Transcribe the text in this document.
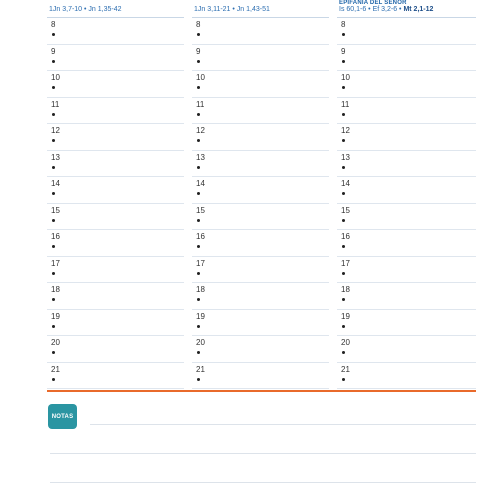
1Jn 3,7-10 • Jn 1,35-42
8
9
10
11
12
13
14
15
16
17
18
19
20
21
1Jn 3,11-21 • Jn 1,43-51
8
9
10
11
12
13
14
15
16
17
18
19
20
21
EPIFANÍA DEL SEÑOR
Is 60,1-6 • Ef 3,2-6 • Mt 2,1-12
8
9
10
11
12
13
14
15
16
17
18
19
20
21
NOTAS
